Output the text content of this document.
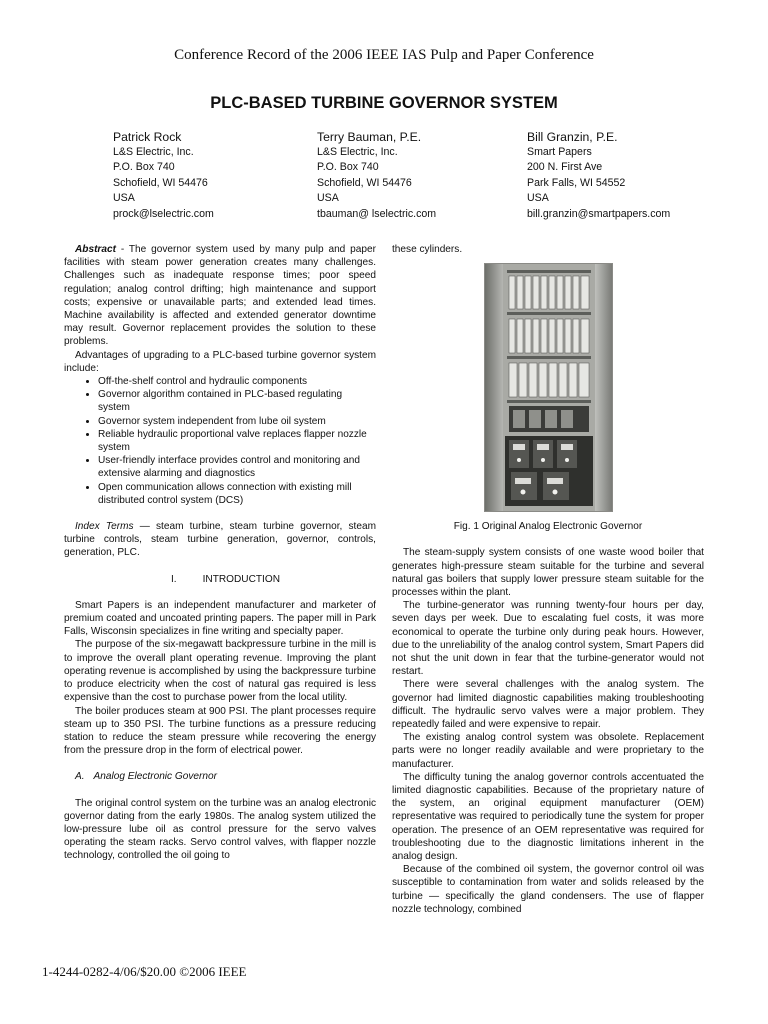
Conference Record of the 2006 IEEE IAS Pulp and Paper Conference
PLC-BASED TURBINE GOVERNOR SYSTEM
Patrick Rock
L&S Electric, Inc.
P.O. Box 740
Schofield, WI 54476
USA
prock@lselectric.com
Terry Bauman, P.E.
L&S Electric, Inc.
P.O. Box 740
Schofield, WI 54476
USA
tbauman@ lselectric.com
Bill Granzin, P.E.
Smart Papers
200 N. First Ave
Park Falls, WI 54552
USA
bill.granzin@smartpapers.com

Abstract - The governor system used by many pulp and paper facilities with steam power generation creates many challenges. Challenges such as inadequate response times; poor speed regulation; analog control drifting; high maintenance and support costs; expensive or unavailable parts; and extended lead times. Machine availability is affected and extended generator downtime may result. Governor replacement provides the solution to these problems.

Advantages of upgrading to a PLC-based turbine governor system include:

• Off-the-shelf control and hydraulic components
• Governor algorithm contained in PLC-based regulating system
• Governor system independent from lube oil system
• Reliable hydraulic proportional valve replaces flapper nozzle system
• User-friendly interface provides control and monitoring and extensive alarming and diagnostics
• Open communication allows connection with existing mill distributed control system (DCS)

Index Terms — steam turbine, steam turbine governor, steam turbine controls, steam turbine generation, governor, controls, generation, PLC.

I.	INTRODUCTION

Smart Papers is an independent manufacturer and marketer of premium coated and uncoated printing papers. The paper mill in Park Falls, Wisconsin specializes in fine writing and specialty paper.

The purpose of the six-megawatt backpressure turbine in the mill is to improve the overall plant operating revenue. Improving the plant operating revenue is accomplished by using the backpressure turbine to produce electricity when the cost of natural gas required is less expensive than the cost to purchase power from the local utility.

The boiler produces steam at 900 PSI. The plant processes require steam up to 350 PSI. The turbine functions as a pressure reducing station to reduce the steam pressure while recovering the energy from the pressure drop in the form of electrical power.

A. Analog Electronic Governor

The original control system on the turbine was an analog electronic governor dating from the early 1980s. The analog system utilized the low-pressure lube oil as control pressure for the servo valves operating the steam racks. Servo control valves, with flapper nozzle technology, controlled the oil going to

these cylinders.

Fig. 1 Original Analog Electronic Governor

The steam-supply system consists of one waste wood boiler that generates high-pressure steam suitable for the turbine and several natural gas boilers that supply lower pressure steam suitable for the processes within the plant.

The turbine-generator was running twenty-four hours per day, seven days per week. Due to escalating fuel costs, it was more economical to operate the turbine only during peak hours. However, due to the unreliability of the analog control system, Smart Papers did not shut the unit down in fear that the turbine-generator would not restart.

There were several challenges with the analog system. The governor had limited diagnostic capabilities making troubleshooting difficult. The hydraulic servo valves were a major problem. They repeatedly failed and were expensive to repair.

The existing analog control system was obsolete. Replacement parts were no longer readily available and were proprietary to the manufacturer.

The difficulty tuning the analog governor controls accentuated the limited diagnostic capabilities. Because of the proprietary nature of the system, an original equipment manufacturer (OEM) representative was required to periodically tune the system for proper operation. The presence of an OEM representative was required for troubleshooting due to the diagnostic limitations inherent in the analog design.

Because of the combined oil system, the governor control oil was susceptible to contamination from water and solids released by the turbine — specifically the gland condensers. The use of flapper nozzle technology, combined

1-4244-0282-4/06/$20.00 ©2006 IEEE
